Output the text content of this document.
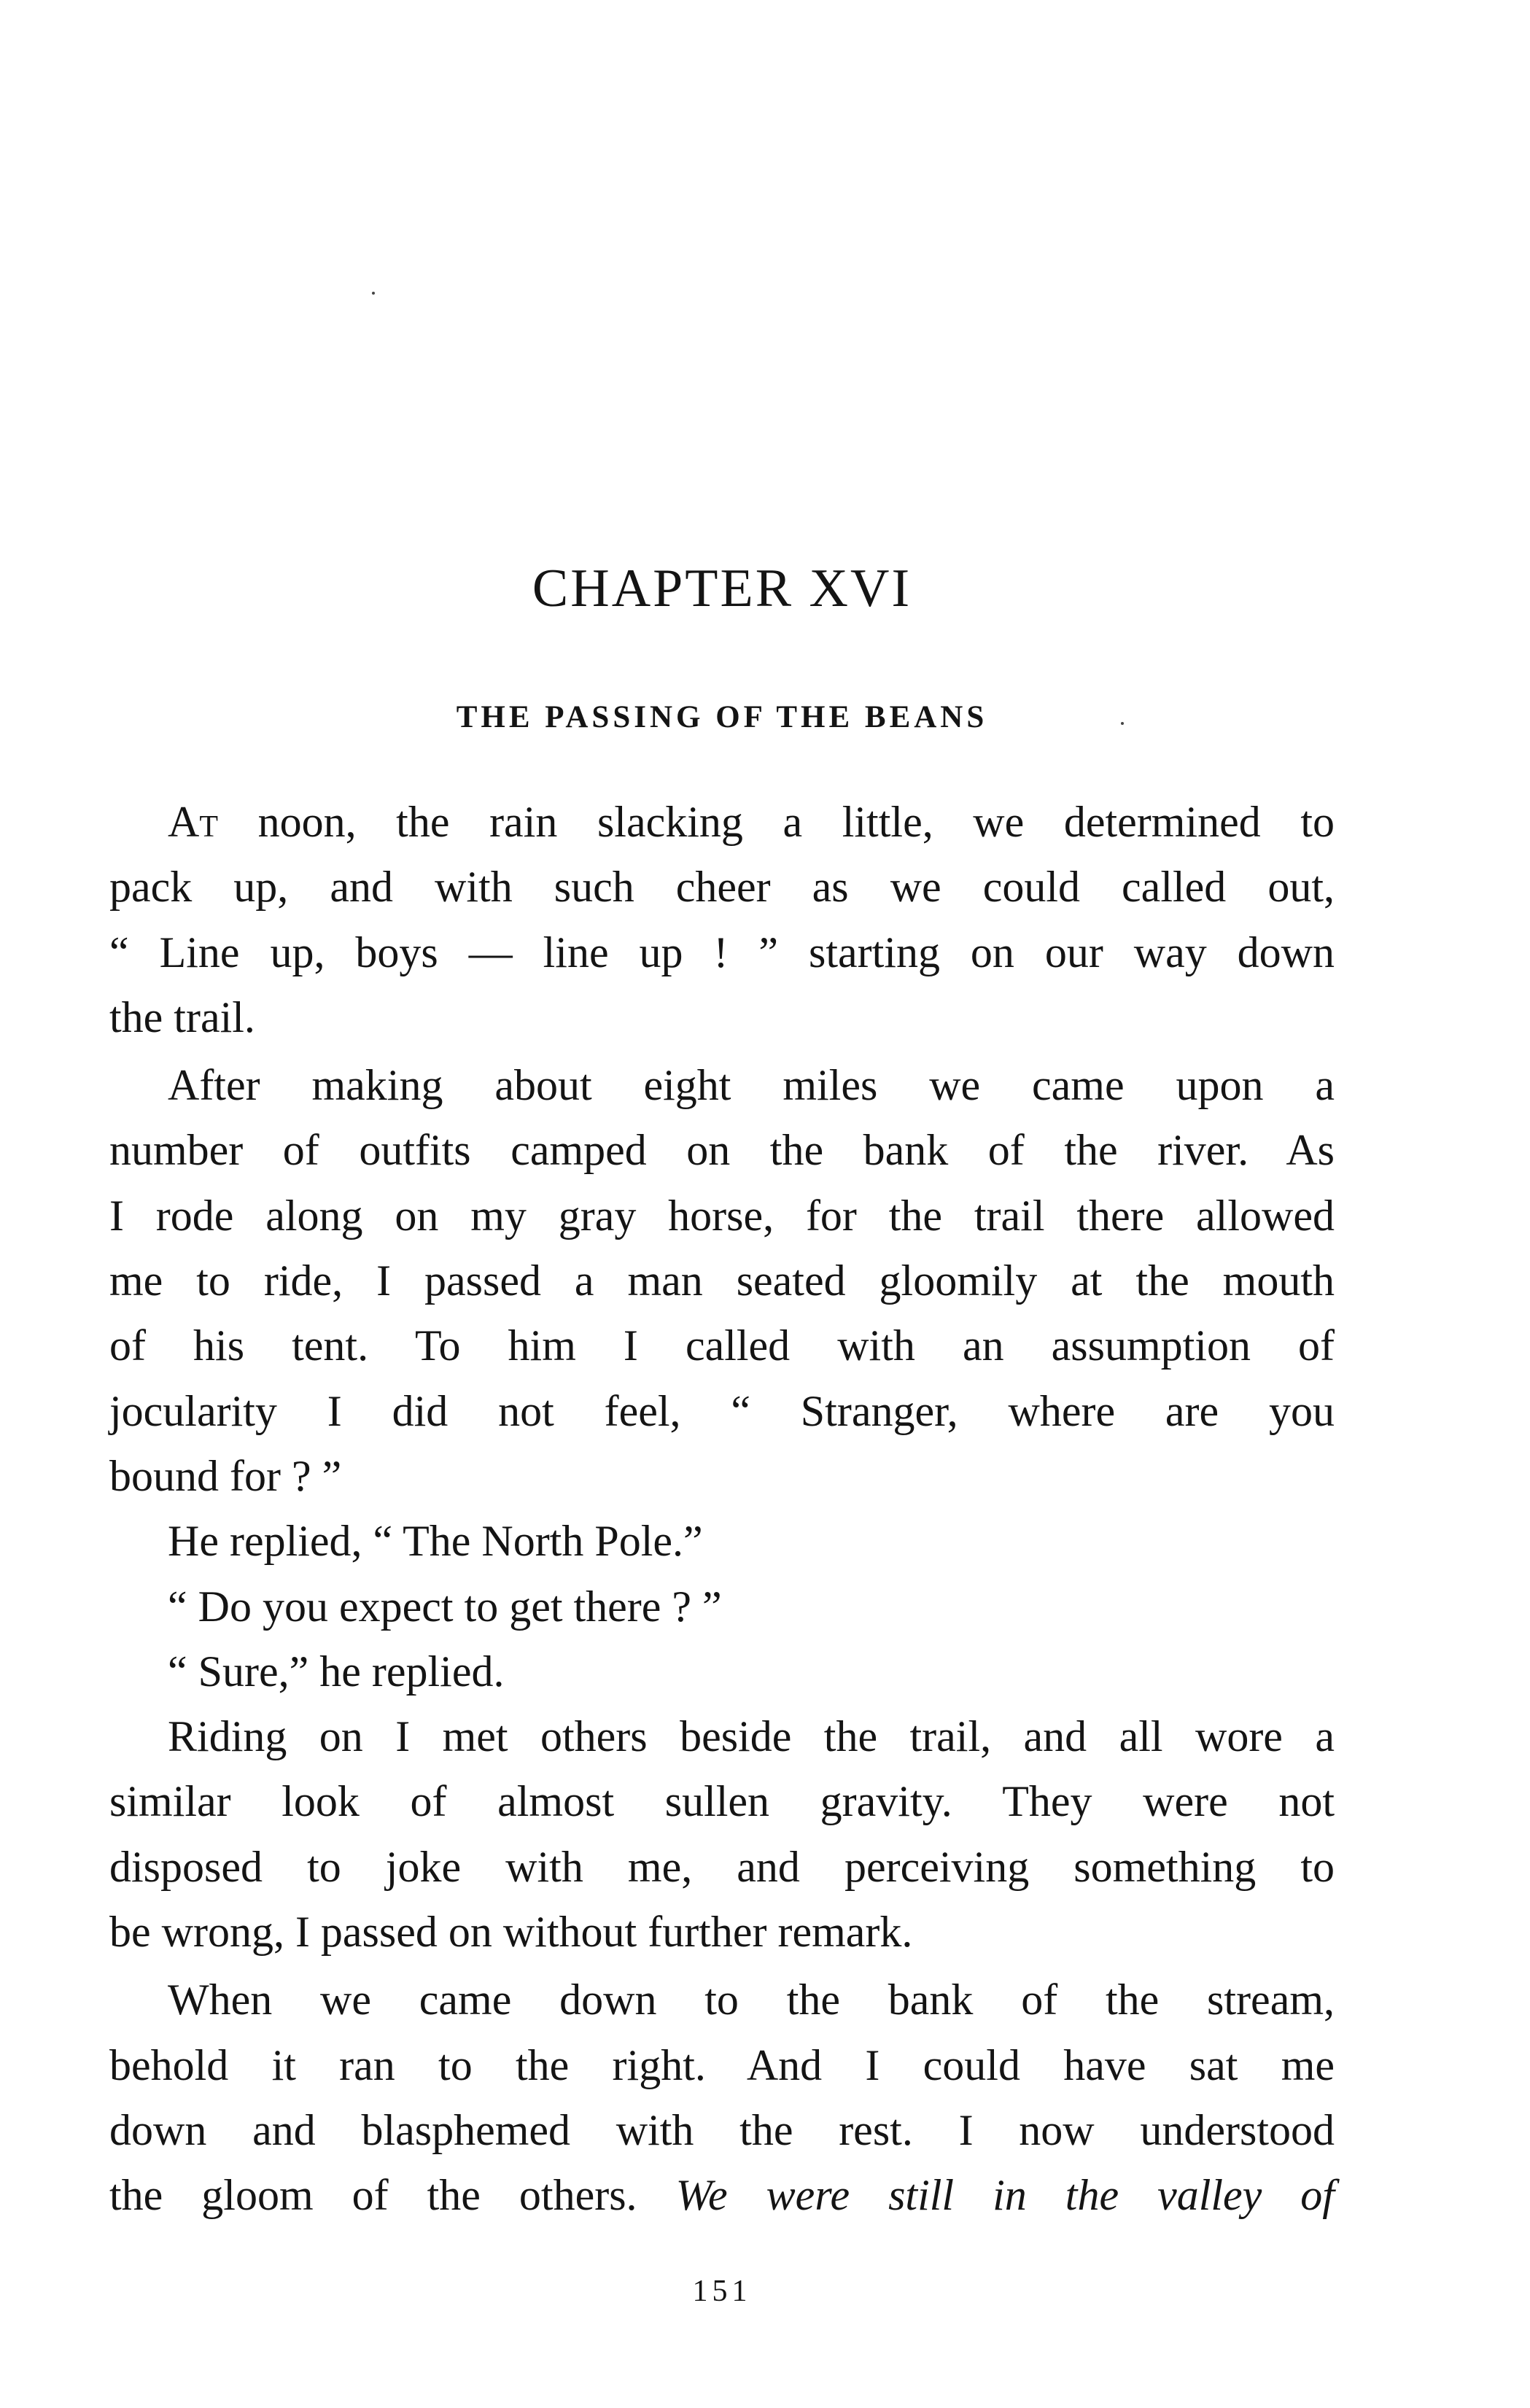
CHAPTER XVI
THE PASSING OF THE BEANS
At noon, the rain slacking a little, we determined to
pack up, and with such cheer as we could called out,
“ Line up, boys — line up ! ” starting on our way down
the trail.
After making about eight miles we came upon a
number of outfits camped on the bank of the river. As
I rode along on my gray horse, for the trail there allowed
me to ride, I passed a man seated gloomily at the mouth
of his tent. To him I called with an assumption of
jocularity I did not feel, “ Stranger, where are you
bound for ? ”
He replied, “ The North Pole.”
“ Do you expect to get there ? ”
“ Sure,” he replied.
Riding on I met others beside the trail, and all wore a
similar look of almost sullen gravity. They were not
disposed to joke with me, and perceiving something to
be wrong, I passed on without further remark.
When we came down to the bank of the stream,
behold it ran to the right. And I could have sat me
down and blasphemed with the rest. I now understood
the gloom of the others. We were still in the valley of
151
